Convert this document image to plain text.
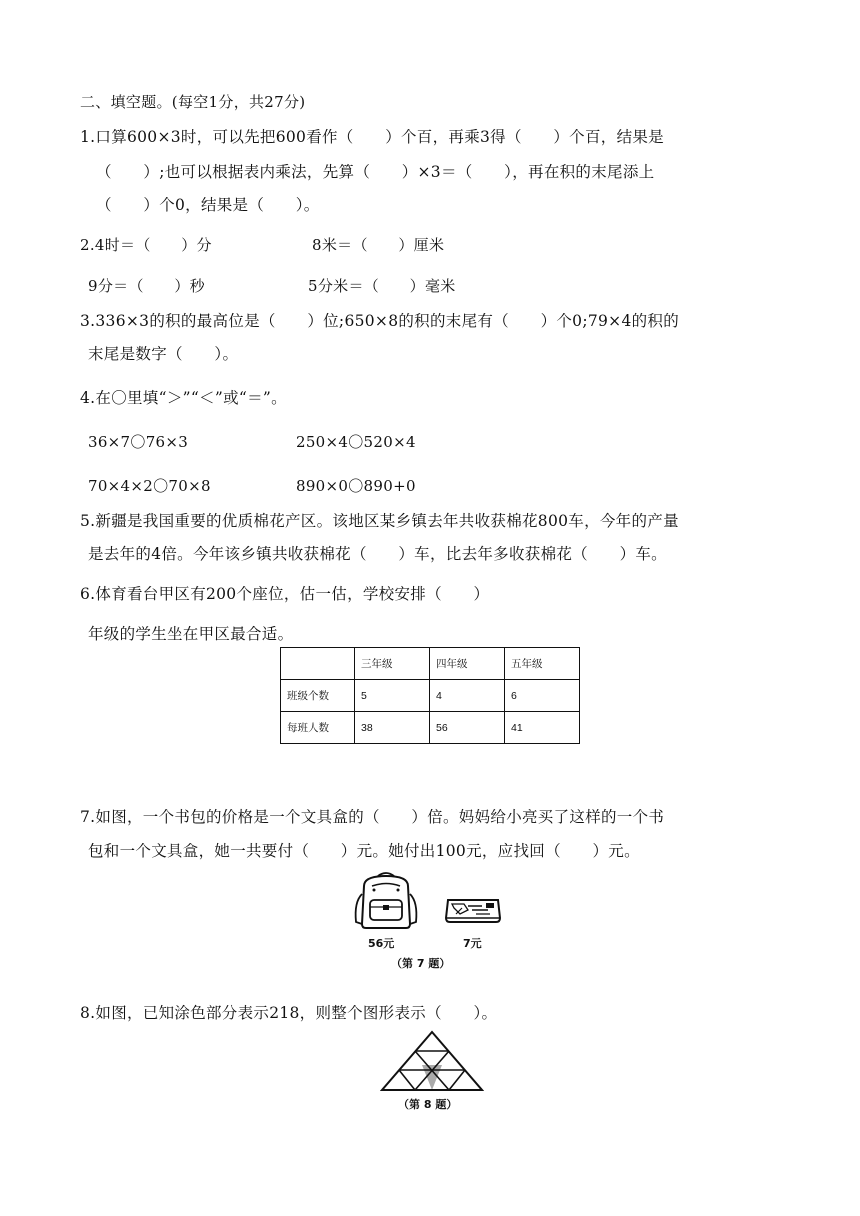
二、填空题。(每空1分，共27分)
1.口算600×3时，可以先把600看作（　　）个百，再乘3得（　　）个百，结果是
（　　）;也可以根据表内乘法，先算（　　）×3＝（　　），再在积的末尾添上
（　　）个0，结果是（　　）。
2.4时＝（　　）分	8米＝（　　）厘米
9分＝（　　）秒	5分米＝（　　）毫米
3.336×3的积的最高位是（　　）位;650×8的积的末尾有（　　）个0;79×4的积的
末尾是数字（　　）。
4.在〇里填“＞”“＜”或“＝”。
36×7〇76×3	250×4〇520×4
70×4×2〇70×8	890×0〇890+0
5.新疆是我国重要的优质棉花产区。该地区某乡镇去年共收获棉花800车，今年的产量
是去年的4倍。今年该乡镇共收获棉花（　　）车，比去年多收获棉花（　　）车。
6.体育看台甲区有200个座位，估一估，学校安排（　　）
年级的学生坐在甲区最合适。
	三年级	四年级	五年级
班级个数	5	4	6
每班人数	38	56	41
7.如图，一个书包的价格是一个文具盒的（　　）倍。妈妈给小亮买了这样的一个书
包和一个文具盒，她一共要付（　　）元。她付出100元，应找回（　　）元。
56元	7元
（第 7 题）
8.如图，已知涂色部分表示218，则整个图形表示（　　）。
（第 8 题）
